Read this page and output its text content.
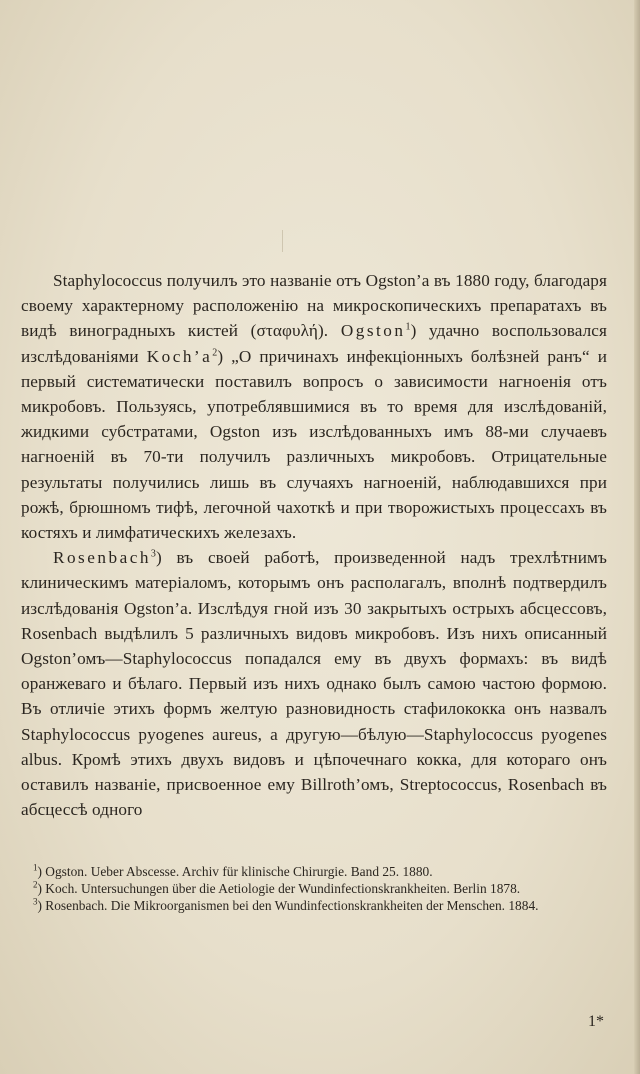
Staphylococcus получилъ это названіе отъ Ogston’а въ 1880 году, благодаря своему характерному расположенію на микроскопическихъ препаратахъ въ видѣ виноградныхъ кистей (σταφυλή). Ogston$^1$) удачно воспользовался изслѣдованіями $Koch’а^2$) „О причинахъ инфекціонныхъ болѣзней ранъ“ и первый систематически поставилъ вопросъ о зависимости нагноенія отъ микробовъ. Пользуясь, употреблявшимися въ то время для изслѣдованій, жидкими субстратами, Ogston изъ изслѣдованныхъ имъ 88-ми случаевъ нагноеній въ 70-ти получилъ различныхъ микробовъ. Отрицательные результаты получились лишь въ случаяхъ нагноеній, наблюдавшихся при рожѣ, брюшномъ тифѣ, легочной чахоткѣ и при творожистыхъ процессахъ въ костяхъ и лимфатическихъ железахъ.

Rosenbach$^3$) въ своей работѣ, произведенной надъ трехлѣтнимъ клиническимъ матеріаломъ, которымъ онъ располагалъ, вполнѣ подтвердилъ изслѣдованія Ogston’а. Изслѣдуя гной изъ 30 закрытыхъ острыхъ абсцессовъ, Rosenbach выдѣлилъ 5 различныхъ видовъ микробовъ. Изъ нихъ описанный Ogston’омъ—Staphylococcus попадался ему въ двухъ формахъ: въ видѣ оранжеваго и бѣлаго. Первый изъ нихъ однако былъ самою частою формою. Въ отличіе этихъ формъ желтую разновидность стафилококка онъ назвалъ Staphylococcus pyogenes aureus, а другую—бѣлую—Staphylococcus pyogenes albus. Кромѣ этихъ двухъ видовъ и цѣпочечнаго кокка, для котораго онъ оставилъ названіе, присвоенное ему Billroth’омъ, Streptococcus, Rosenbach въ абсцессѣ одного

$^1$) Ogston. Ueber Abscesse. Archiv für klinische Chirurgie. Band 25. 1880.

$^2$) Koch. Untersuchungen über die Aetiologie der Wundinfectionskrankheiten. Berlin 1878.

$^3$) Rosenbach. Die Mikroorganismen bei den Wundinfectionskrankheiten der Menschen. 1884.

1*
